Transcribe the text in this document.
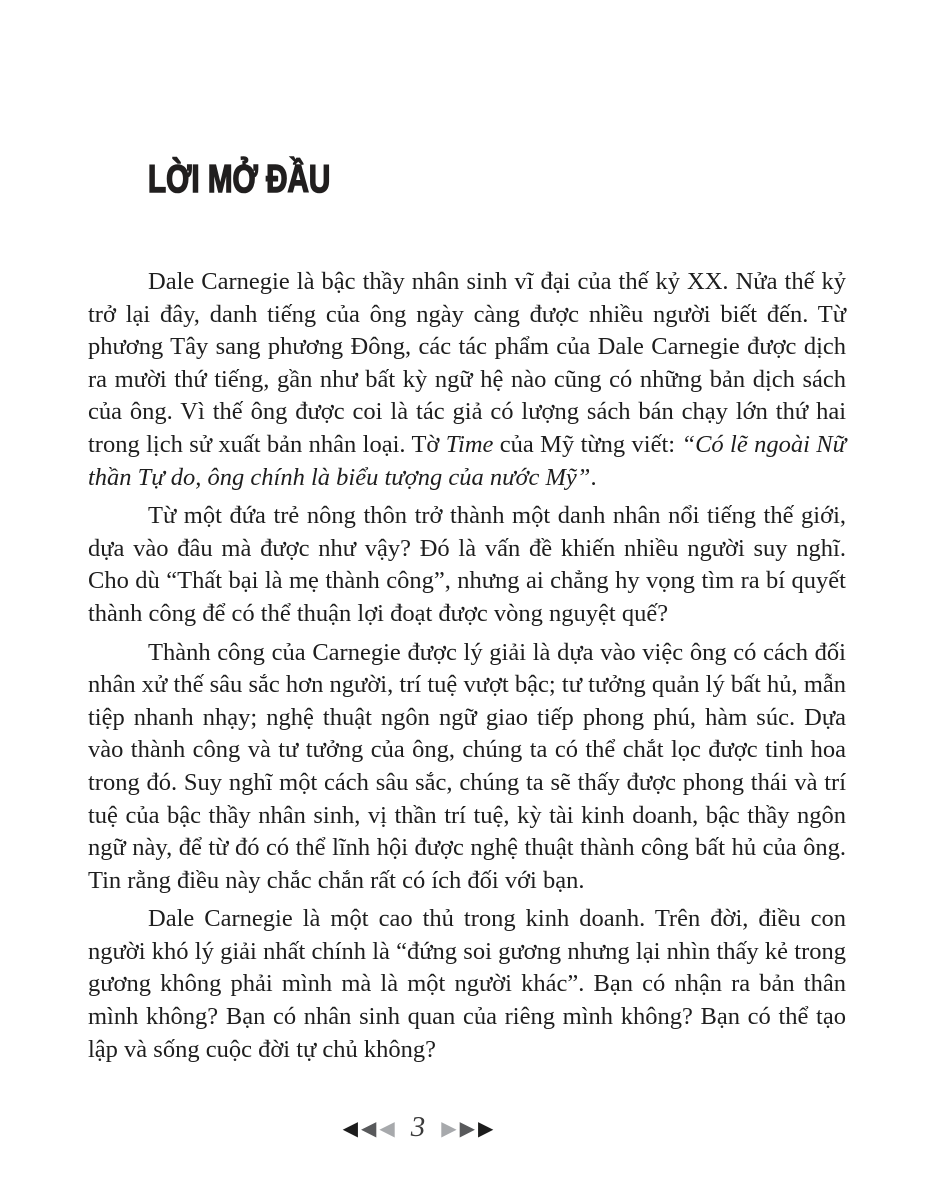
LỜI MỞ ĐẦU

Dale Carnegie là bậc thầy nhân sinh vĩ đại của thế kỷ XX. Nửa thế kỷ trở lại đây, danh tiếng của ông ngày càng được nhiều người biết đến. Từ phương Tây sang phương Đông, các tác phẩm của Dale Carnegie được dịch ra mười thứ tiếng, gần như bất kỳ ngữ hệ nào cũng có những bản dịch sách của ông. Vì thế ông được coi là tác giả có lượng sách bán chạy lớn thứ hai trong lịch sử xuất bản nhân loại. Tờ Time của Mỹ từng viết: “Có lẽ ngoài Nữ thần Tự do, ông chính là biểu tượng của nước Mỹ”.

Từ một đứa trẻ nông thôn trở thành một danh nhân nổi tiếng thế giới, dựa vào đâu mà được như vậy? Đó là vấn đề khiến nhiều người suy nghĩ. Cho dù “Thất bại là mẹ thành công”, nhưng ai chẳng hy vọng tìm ra bí quyết thành công để có thể thuận lợi đoạt được vòng nguyệt quế?

Thành công của Carnegie được lý giải là dựa vào việc ông có cách đối nhân xử thế sâu sắc hơn người, trí tuệ vượt bậc; tư tưởng quản lý bất hủ, mẫn tiệp nhanh nhạy; nghệ thuật ngôn ngữ giao tiếp phong phú, hàm súc. Dựa vào thành công và tư tưởng của ông, chúng ta có thể chắt lọc được tinh hoa trong đó. Suy nghĩ một cách sâu sắc, chúng ta sẽ thấy được phong thái và trí tuệ của bậc thầy nhân sinh, vị thần trí tuệ, kỳ tài kinh doanh, bậc thầy ngôn ngữ này, để từ đó có thể lĩnh hội được nghệ thuật thành công bất hủ của ông. Tin rằng điều này chắc chắn rất có ích đối với bạn.

Dale Carnegie là một cao thủ trong kinh doanh. Trên đời, điều con người khó lý giải nhất chính là “đứng soi gương nhưng lại nhìn thấy kẻ trong gương không phải mình mà là một người khác”. Bạn có nhận ra bản thân mình không? Bạn có nhân sinh quan của riêng mình không? Bạn có thể tạo lập và sống cuộc đời tự chủ không?

◀ ◀ ◀ 3 ▶ ▶ ▶
